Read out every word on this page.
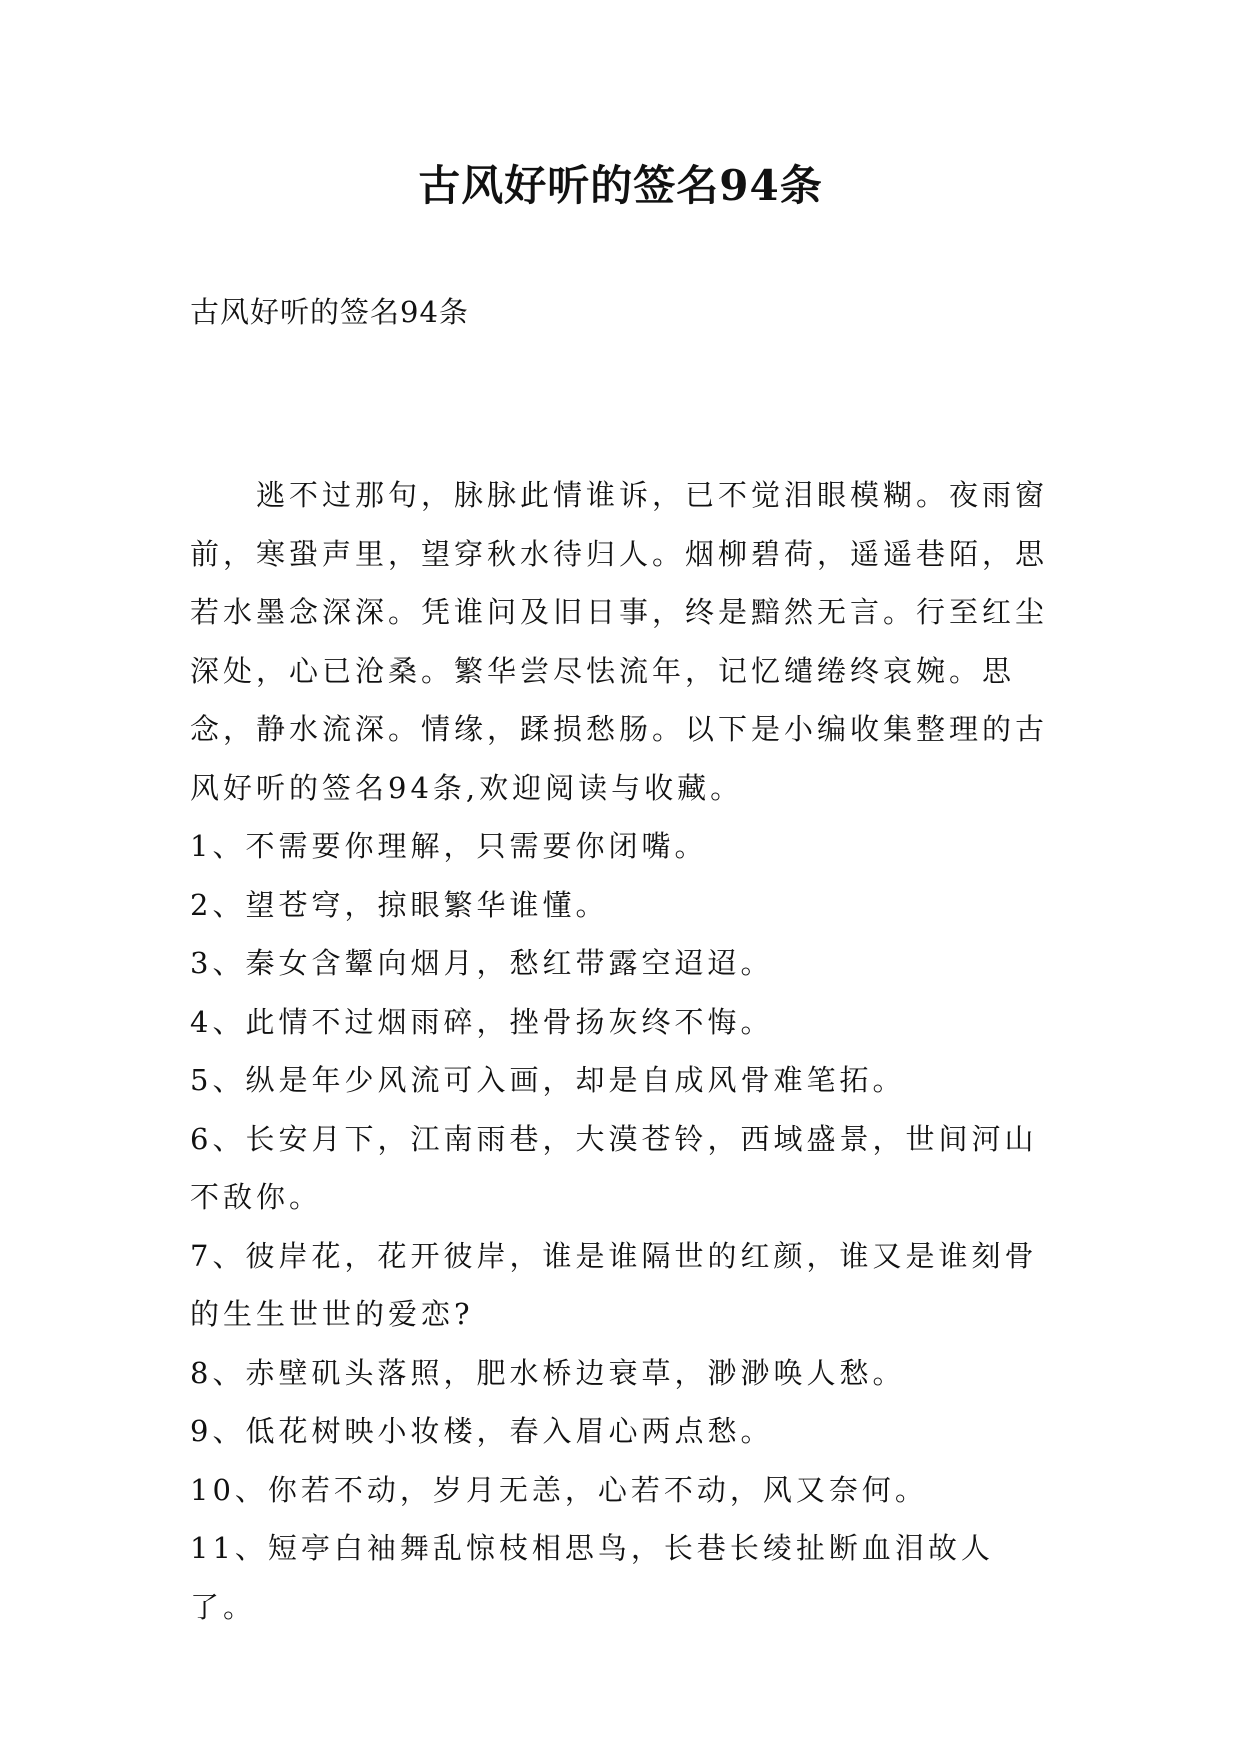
古风好听的签名94条

古风好听的签名94条

逃不过那句，脉脉此情谁诉，已不觉泪眼模糊。夜雨窗前，寒蛩声里，望穿秋水待归人。烟柳碧荷，遥遥巷陌，思若水墨念深深。凭谁问及旧日事，终是黯然无言。行至红尘深处，心已沧桑。繁华尝尽怯流年，记忆缱绻终哀婉。思念，静水流深。情缘，蹂损愁肠。以下是小编收集整理的古风好听的签名94条,欢迎阅读与收藏。

1、不需要你理解，只需要你闭嘴。

2、望苍穹，掠眼繁华谁懂。

3、秦女含颦向烟月，愁红带露空迢迢。

4、此情不过烟雨碎，挫骨扬灰终不悔。

5、纵是年少风流可入画，却是自成风骨难笔拓。

6、长安月下，江南雨巷，大漠苍铃，西域盛景，世间河山不敌你。

7、彼岸花，花开彼岸，谁是谁隔世的红颜，谁又是谁刻骨的生生世世的爱恋?

8、赤壁矶头落照，肥水桥边衰草，渺渺唤人愁。

9、低花树映小妆楼，春入眉心两点愁。

10、你若不动，岁月无恙，心若不动，风又奈何。

11、短亭白袖舞乱惊枝相思鸟，长巷长绫扯断血泪故人了。
